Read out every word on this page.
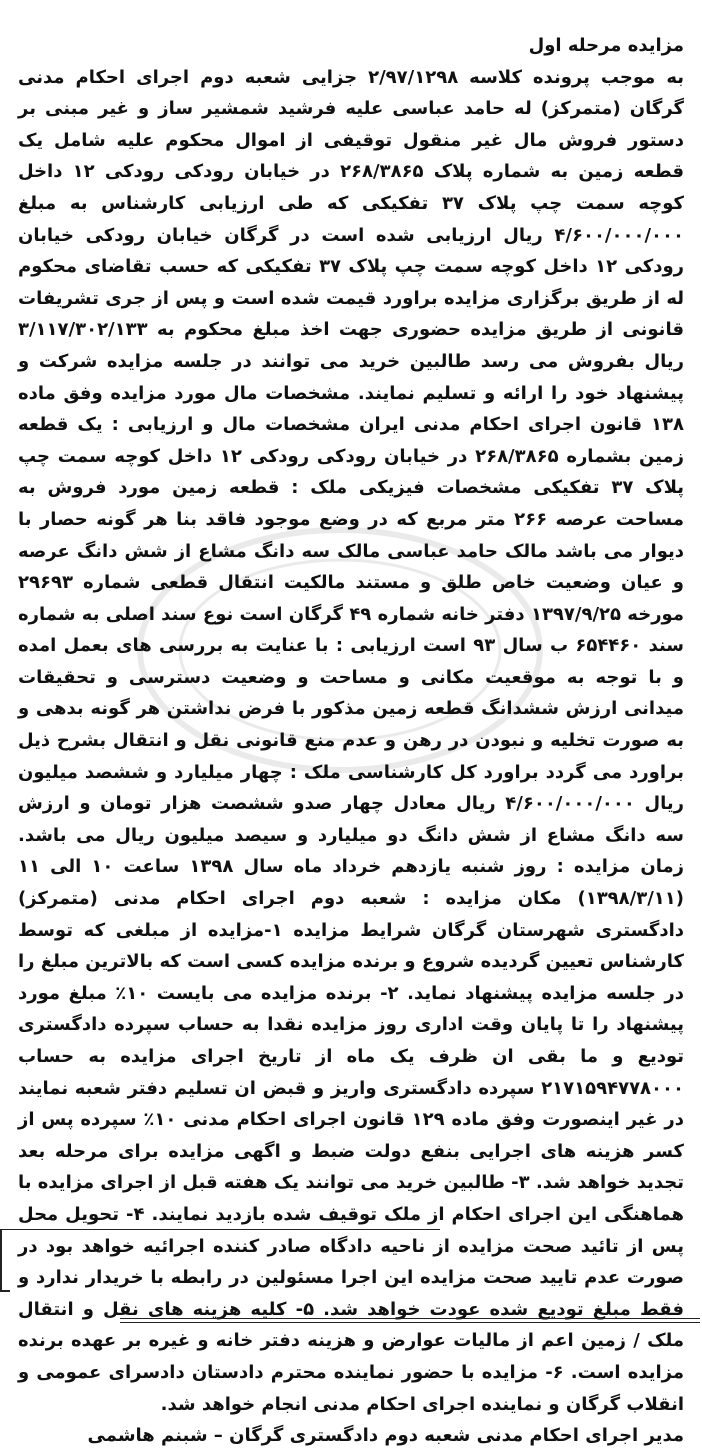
مزایده مرحله اول

به موجب پرونده کلاسه ۲/۹۷/۱۲۹۸ جزایی شعبه دوم اجرای احکام مدنی گرگان (متمرکز) له حامد عباسی علیه فرشید شمشیر ساز و غیر مبنی بر دستور فروش مال غیر منقول توقیفی از اموال محکوم علیه شامل یک قطعه زمین به شماره پلاک ۲۶۸/۳۸۶۵ در خیابان رودکی رودکی ۱۲ داخل کوچه سمت چپ پلاک ۳۷ تفکیکی که طی ارزیابی کارشناس به مبلغ ۴/۶۰۰/۰۰۰/۰۰۰ ریال ارزیابی شده است در گرگان خیابان رودکی خیابان رودکی ۱۲ داخل کوچه سمت چپ پلاک ۳۷ تفکیکی که حسب تقاضای محکوم له از طریق برگزاری مزایده براورد قیمت شده است و پس از جری تشریفات قانونی از طریق مزایده حضوری جهت اخذ مبلغ محکوم به ۳/۱۱۷/۳۰۲/۱۳۳ ریال بفروش می رسد طالبین خرید می توانند در جلسه مزایده شرکت و پیشنهاد خود را ارائه و تسلیم نمایند. مشخصات مال مورد مزایده وفق ماده ۱۳۸ قانون اجرای احکام مدنی ایران مشخصات مال و ارزیابی : یک قطعه زمین بشماره ۲۶۸/۳۸۶۵ در خیابان رودکی رودکی ۱۲ داخل کوچه سمت چپ پلاک ۳۷ تفکیکی مشخصات فیزیکی ملک : قطعه زمین مورد فروش به مساحت عرصه ۲۶۶ متر مربع که در وضع موجود فاقد بنا هر گونه حصار با دیوار می باشد مالک حامد عباسی مالک سه دانگ مشاع از شش دانگ عرصه و عیان وضعیت خاص طلق و مستند مالکیت انتقال قطعی شماره ۲۹۶۹۳ مورخه ۱۳۹۷/۹/۲۵ دفتر خانه شماره ۴۹ گرگان است نوع سند اصلی به شماره سند ۶۵۴۴۶۰ ب سال ۹۳ است ارزیابی : با عنایت به بررسی های بعمل امده و با توجه به موقعیت مکانی و مساحت و وضعیت دسترسی و تحقیقات میدانی ارزش ششدانگ قطعه زمین مذکور با فرض نداشتن هر گونه بدهی و به صورت تخلیه و نبودن در رهن و عدم منع قانونی نقل و انتقال بشرح ذیل براورد می گردد براورد کل کارشناسی ملک : چهار میلیارد و ششصد میلیون ریال ۴/۶۰۰/۰۰۰/۰۰۰ ریال معادل چهار صدو ششصت هزار تومان و ارزش سه دانگ مشاع از شش دانگ دو میلیارد و سیصد میلیون ریال می باشد. زمان مزایده : روز شنبه یازدهم خرداد ماه سال ۱۳۹۸ ساعت ۱۰ الی ۱۱ (۱۳۹۸/۳/۱۱) مکان مزایده : شعبه دوم اجرای احکام مدنی (متمرکز) دادگستری شهرستان گرگان شرایط مزایده ۱-مزایده از مبلغی که توسط کارشناس تعیین گردیده شروع و برنده مزایده کسی است که بالاترین مبلغ را در جلسه مزایده پیشنهاد نماید. ۲- برنده مزایده می بایست ۱۰٪ مبلغ مورد پیشنهاد را تا پایان وقت اداری روز مزایده نقدا به حساب سپرده دادگستری تودیع و ما بقی ان ظرف یک ماه از تاریخ اجرای مزایده به حساب ۲۱۷۱۵۹۴۷۷۸۰۰۰ سپرده دادگستری واریز و قبض ان تسلیم دفتر شعبه نمایند در غیر اینصورت وفق ماده ۱۲۹ قانون اجرای احکام مدنی ۱۰٪ سپرده پس از کسر هزینه های اجرایی بنفع دولت ضبط و اگهی مزایده برای مرحله بعد تجدید خواهد شد. ۳- طالبین خرید می توانند یک هفته قبل از اجرای مزایده با هماهنگی این اجرای احکام از ملک توقیف شده بازدید نمایند. ۴- تحویل محل پس از تائید صحت مزایده از ناحیه دادگاه صادر کننده اجرائیه خواهد بود در صورت عدم تایید صحت مزایده این اجرا مسئولین در رابطه با خریدار ندارد و فقط مبلغ تودیع شده عودت خواهد شد. ۵- کلیه هزینه های نقل و انتقال ملک / زمین اعم از مالیات عوارض و هزینه دفتر خانه و غیره بر عهده برنده مزایده است. ۶- مزایده با حضور نماینده محترم دادستان دادسرای عمومی و انقلاب گرگان و نماینده اجرای احکام مدنی انجام خواهد شد.

مدیر اجرای احکام مدنی شعبه دوم دادگستری گرگان – شبنم هاشمی
